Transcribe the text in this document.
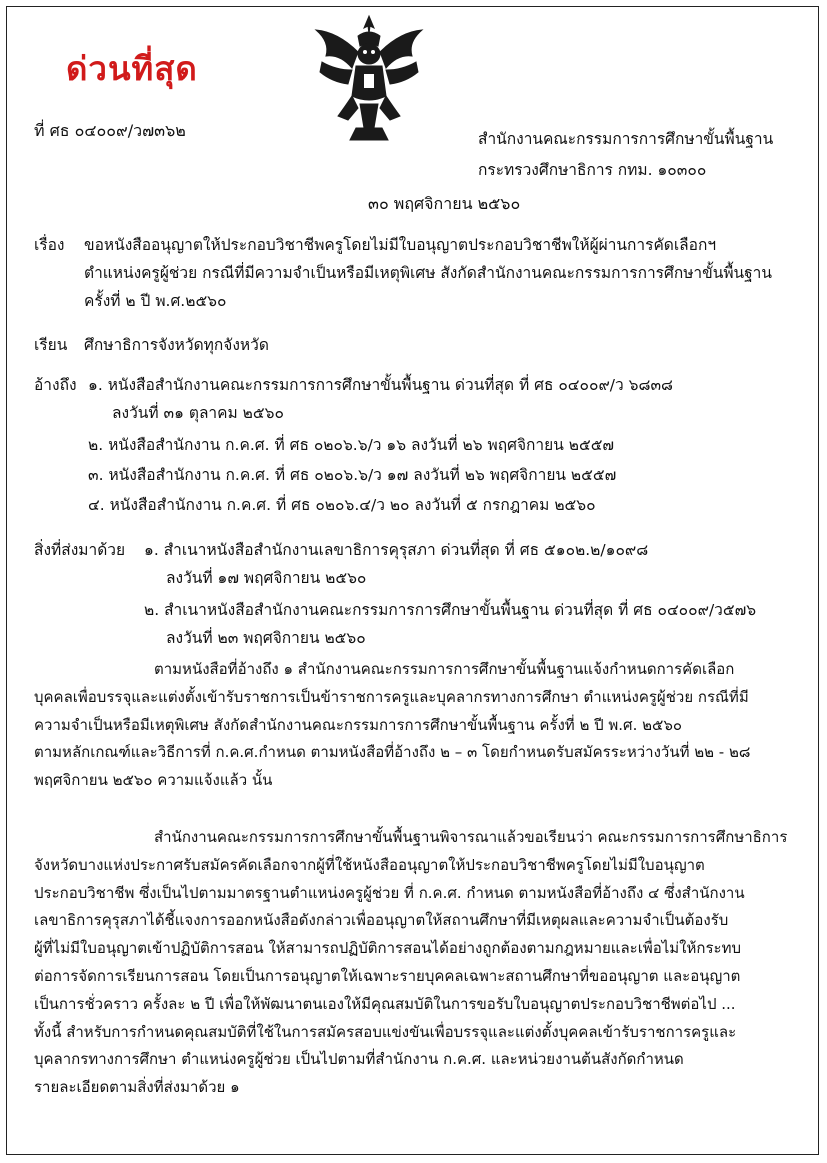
ด่วนที่สุด
ที่ ศธ ๐๔๐๐๙/ว๗๓๖๒	สำนักงานคณะกรรมการการศึกษาขั้นพื้นฐาน
กระทรวงศึกษาธิการ กทม. ๑๐๓๐๐
๓๐ พฤศจิกายน ๒๕๖๐
เรื่อง ขอหนังสืออนุญาตให้ประกอบวิชาชีพครูโดยไม่มีใบอนุญาตประกอบวิชาชีพให้ผู้ผ่านการคัดเลือกฯ
ตำแหน่งครูผู้ช่วย กรณีที่มีความจำเป็นหรือมีเหตุพิเศษ สังกัดสำนักงานคณะกรรมการการศึกษาขั้นพื้นฐาน
ครั้งที่ ๒ ปี พ.ศ.๒๕๖๐
เรียน ศึกษาธิการจังหวัดทุกจังหวัด
อ้างถึง ๑. หนังสือสำนักงานคณะกรรมการการศึกษาขั้นพื้นฐาน ด่วนที่สุด ที่ ศธ ๐๔๐๐๙/ว ๖๘๓๘
ลงวันที่ ๓๑ ตุลาคม ๒๕๖๐
๒. หนังสือสำนักงาน ก.ค.ศ. ที่ ศธ ๐๒๐๖.๖/ว ๑๖ ลงวันที่ ๒๖ พฤศจิกายน ๒๕๕๗
๓. หนังสือสำนักงาน ก.ค.ศ. ที่ ศธ ๐๒๐๖.๖/ว ๑๗ ลงวันที่ ๒๖ พฤศจิกายน ๒๕๕๗
๔. หนังสือสำนักงาน ก.ค.ศ. ที่ ศธ ๐๒๐๖.๔/ว ๒๐ ลงวันที่ ๕ กรกฎาคม ๒๕๖๐
สิ่งที่ส่งมาด้วย ๑. สำเนาหนังสือสำนักงานเลขาธิการคุรุสภา ด่วนที่สุด ที่ ศธ ๕๑๐๒.๒/๑๐๙๘
ลงวันที่ ๑๗ พฤศจิกายน ๒๕๖๐
๒. สำเนาหนังสือสำนักงานคณะกรรมการการศึกษาขั้นพื้นฐาน ด่วนที่สุด ที่ ศธ ๐๔๐๐๙/ว๕๗๖
ลงวันที่ ๒๓ พฤศจิกายน ๒๕๖๐
ตามหนังสือที่อ้างถึง ๑ สำนักงานคณะกรรมการการศึกษาขั้นพื้นฐานแจ้งกำหนดการคัดเลือก
บุคคลเพื่อบรรจุและแต่งตั้งเข้ารับราชการเป็นข้าราชการครูและบุคลากรทางการศึกษา ตำแหน่งครูผู้ช่วย กรณีที่มี
ความจำเป็นหรือมีเหตุพิเศษ สังกัดสำนักงานคณะกรรมการการศึกษาขั้นพื้นฐาน ครั้งที่ ๒ ปี พ.ศ. ๒๕๖๐
ตามหลักเกณฑ์และวิธีการที่ ก.ค.ศ.กำหนด ตามหนังสือที่อ้างถึง ๒ – ๓ โดยกำหนดรับสมัครระหว่างวันที่ ๒๒ - ๒๘
พฤศจิกายน ๒๕๖๐ ความแจ้งแล้ว นั้น
สำนักงานคณะกรรมการการศึกษาขั้นพื้นฐานพิจารณาแล้วขอเรียนว่า คณะกรรมการการศึกษาธิการ
จังหวัดบางแห่งประกาศรับสมัครคัดเลือกจากผู้ที่ใช้หนังสืออนุญาตให้ประกอบวิชาชีพครูโดยไม่มีใบอนุญาต
ประกอบวิชาชีพ ซึ่งเป็นไปตามมาตรฐานตำแหน่งครูผู้ช่วย ที่ ก.ค.ศ. กำหนด ตามหนังสือที่อ้างถึง ๔ ซึ่งสำนักงาน
เลขาธิการคุรุสภาได้ชี้แจงการออกหนังสือดังกล่าวเพื่ออนุญาตให้สถานศึกษาที่มีเหตุผลและความจำเป็นต้องรับ
ผู้ที่ไม่มีใบอนุญาตเข้าปฏิบัติการสอน ให้สามารถปฏิบัติการสอนได้อย่างถูกต้องตามกฎหมายและเพื่อไม่ให้กระทบ
ต่อการจัดการเรียนการสอน โดยเป็นการอนุญาตให้เฉพาะรายบุคคลเฉพาะสถานศึกษาที่ขออนุญาต และอนุญาต
เป็นการชั่วคราว ครั้งละ ๒ ปี เพื่อให้พัฒนาตนเองให้มีคุณสมบัติในการขอรับใบอนุญาตประกอบวิชาชีพต่อไป ...
ทั้งนี้ สำหรับการกำหนดคุณสมบัติที่ใช้ในการสมัครสอบแข่งขันเพื่อบรรจุและแต่งตั้งบุคคลเข้ารับราชการครูและ
บุคลากรทางการศึกษา ตำแหน่งครูผู้ช่วย เป็นไปตามที่สำนักงาน ก.ค.ศ. และหน่วยงานต้นสังกัดกำหนด
รายละเอียดตามสิ่งที่ส่งมาด้วย ๑
